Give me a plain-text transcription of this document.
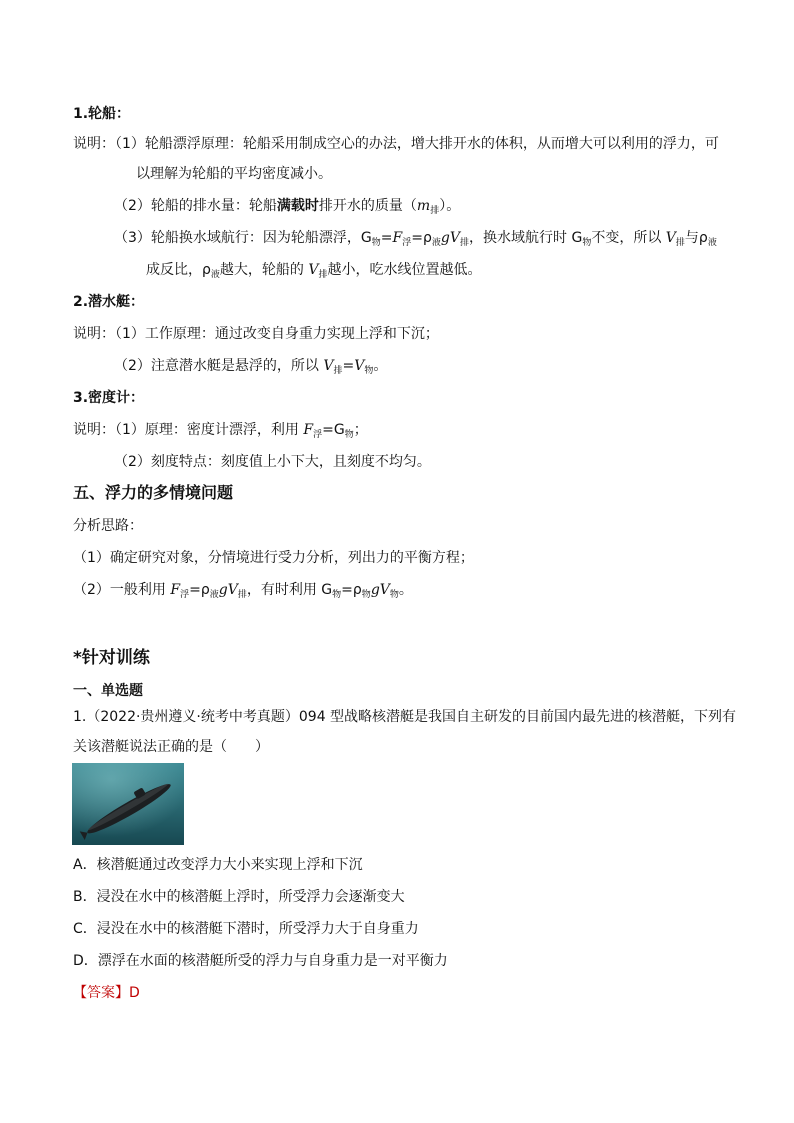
1.轮船：
说明：（1）轮船漂浮原理：轮船采用制成空心的办法，增大排开水的体积，从而增大可以利用的浮力，可
以理解为轮船的平均密度减小。
（2）轮船的排水量：轮船满载时排开水的质量$(m_排)$。
（3）轮船换水域航行：因为轮船漂浮，$G_物=F_浮=\rho_液gV_排$，换水域航行时 $G_物$不变，所以 $V_排$与$\rho_液$
成反比，$\rho_液$越大，轮船的 $V_排$越小，吃水线位置越低。
2.潜水艇：
说明：（1）工作原理：通过改变自身重力实现上浮和下沉；
（2）注意潜水艇是悬浮的，所以 $V_排=V_物$。
3.密度计：
说明：（1）原理：密度计漂浮，利用 $F_浮=G_物$；
（2）刻度特点：刻度值上小下大，且刻度不均匀。
五、浮力的多情境问题
分析思路：
（1）确定研究对象，分情境进行受力分析，列出力的平衡方程；
（2）一般利用 $F_浮=\rho_液gV_排$，有时利用 $G_物=\rho_物gV_物$。
*针对训练
一、单选题
1.（2022·贵州遵义·统考中考真题）094 型战略核潜艇是我国自主研发的目前国内最先进的核潜艇，下列有
关该潜艇说法正确的是（　　）
A．核潜艇通过改变浮力大小来实现上浮和下沉
B．浸没在水中的核潜艇上浮时，所受浮力会逐渐变大
C．浸没在水中的核潜艇下潜时，所受浮力大于自身重力
D．漂浮在水面的核潜艇所受的浮力与自身重力是一对平衡力
【答案】D
